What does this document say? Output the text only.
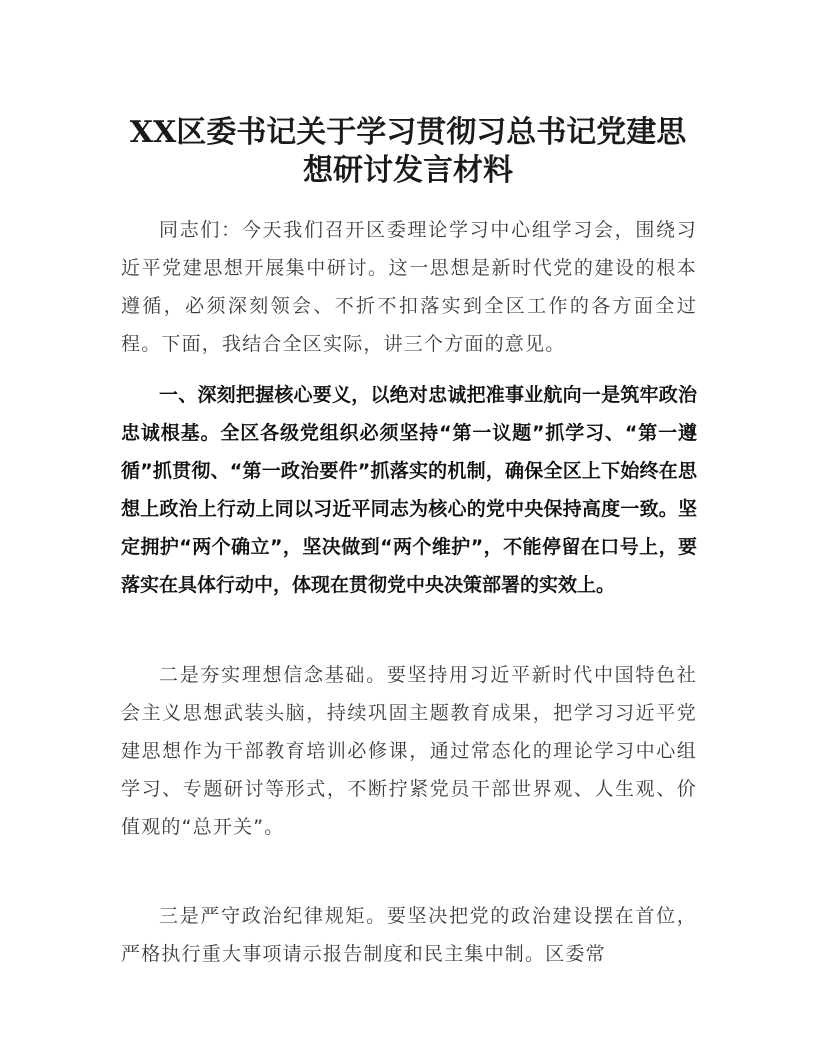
XX区委书记关于学习贯彻习总书记党建思想研讨发言材料

同志们：今天我们召开区委理论学习中心组学习会，围绕习近平党建思想开展集中研讨。这一思想是新时代党的建设的根本遵循，必须深刻领会、不折不扣落实到全区工作的各方面全过程。下面，我结合全区实际，讲三个方面的意见。

一、深刻把握核心要义，以绝对忠诚把准事业航向一是筑牢政治忠诚根基。全区各级党组织必须坚持“第一议题”抓学习、“第一遵循”抓贯彻、“第一政治要件”抓落实的机制，确保全区上下始终在思想上政治上行动上同以习近平同志为核心的党中央保持高度一致。坚定拥护“两个确立”，坚决做到“两个维护”，不能停留在口号上，要落实在具体行动中，体现在贯彻党中央决策部署的实效上。

二是夯实理想信念基础。要坚持用习近平新时代中国特色社会主义思想武装头脑，持续巩固主题教育成果，把学习习近平党建思想作为干部教育培训必修课，通过常态化的理论学习中心组学习、专题研讨等形式，不断拧紧党员干部世界观、人生观、价值观的“总开关”。

三是严守政治纪律规矩。要坚决把党的政治建设摆在首位，严格执行重大事项请示报告制度和民主集中制。区委常
